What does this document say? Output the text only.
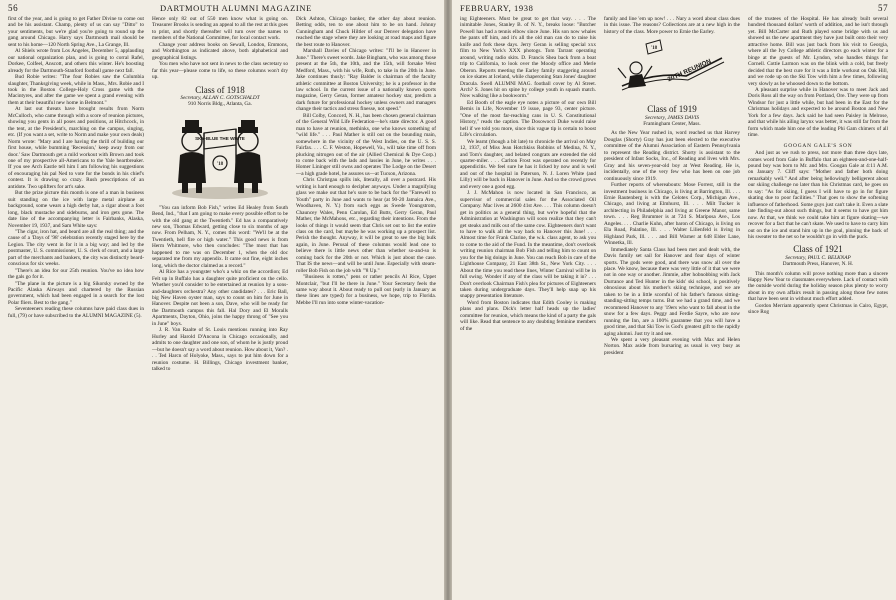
56	DARTMOUTH ALUMNI MAGAZINE

first of the year, and is going to get Father Divine to come out and be his assistant. Champ, plenty of us can say "Ditto" to your sentiments, but we're glad you're going to round up the gang around Chicago. Harry says Dartmouth mail should be sent to his home—120 North Spring Ave., La Grange, Ill.

Al Shiels wrote from Los Angeles, December 5, applauding our national organization plan, and is going to corral Rafel, Dorkee, Colfeel, Anscott, and others this winter. He's boosting already for the Dartmouth-Stanford football game next fall.

Bud Robie writes: "The four Robies saw the Columbia slaughter, Thanksgiving week, while in Mass., Mrs. Robie and I took in the Boston College-Holy Cross game with the Macintyres, and after the game we spent a grand evening with them at their beautiful new home in Belmont."

At last out threats have brought results from Norm McCulloch, who came through with a score of reunion pictures, showing you gents in all poses and positions, at Hitchcock, in the tent, at the President's, marching on the campus, singing, etc. (If you want a set, write to Norm and make your own deals) Norm wrote: "Mary and I are having the thrill of building our first house, while bumming 'Recession,' keep away from our door.' Saw Dartmouth get a mild workout with Brown and took one of my prospective all-Americans to the Yale heartbreaker. If you see Arch Eastle tell him I am following his suggestions of encouraging his pal Ned to vote for the bonds in his chief's contest. It is drawing so crazy. Rush prescriptions of an antidote. Two uplifters for art's sake.

But the prize picture this month is one of a man in business suit standing on the ice with large metal airplane as background, some wears a high derby hat, a cigar about a foot long, black mustache and sideburns, and iron gets gone. The date line of the accompanying letter is Fairbanks, Alaska, November 19, 1937, and Sam White says:

"The cigar, iron hat, and beard are all the real thing; and the cause of a 'Days of '98' celebration recently staged here by the Legion. The city went in for it in a big way; and led by the postmaster, U. S. commissioner, U. S. clerk of court, and a large part of the merchants and bankers, the city was distinctly beard-conscious for six weeks.

"There's an idea for our 25th reunion. You've no idea how the gals go for it.

"The plane in the picture is a big Sikorsky owned by the Pacific Alaska Airways and chartered by the Russian government, which had been engaged in a search for the lost Polar fliers. Best to the gang."

Seventeeners reading these columns have paid class dues in full, (79) or have subscribed to the ALUMNI MAGAZINE (5).

Hence only 82 out of 550 men know what is going on. Treasurer Brooks is sending an appeal to all the rest at this goes to print, and shortly thereafter will turn over the names to members of the National Committee, for local contact work.

Change your address books on Sewall, London, Emmons, and Worthington as indicated above, both alphabetical and geographical listings.

You men who have not sent in news to the class secretary so far this year—please come to life, so these columns won't dry up.

Class of 1918
Secretary, ALLAN C. GOTSCHALDT
910 Norris Bldg., Atlanta, Ga.
SKY-BLUE THE WHITE
'18

"You can inform Bob Fish," writes Ed Healey from South Bend, Ind., "that I am going to make every possible effort to be with the old gang at the Twentieth." Ed has a comparatively new son, Thomas Edward, getting close to six months of age now. From Pelham, N. Y., comes this word: "We'll be at the Twentieth, hell fire or high water." This good news is from Herm Whitmore, who then concludes: "The most that has happened to me was on December 1, when the old doc separated me from my appendix. It came out fine, eight inches long, which the doctor claimed as a record."

Al Rice has a youngster who's a whiz on the accordion; Ed Felt up in Buffalo has a daughter quite proficient on the cello. Whether you'd consider to be entertained at reunion by a sons-and-daughters orchestra? Any other candidates? . . . Eric Ball, big New Haven oyster man, says to count on him for June in Hanover. Despite not been a son, Dave, who will be ready for the Dartmouth campus this fall. Hal Dory and El Moralls Apartments, Dayton, Ohio, joins the happy throng of "See you in June" boys.

J. R. Van Raalte of St. Louis mentions running into Ray Hurley and Harold D'Ancona in Chicago occasionally, and admits to one daughter and one son, of whom he is justly proud—but he doesn't say a word about reunion. How about it, Van? . . . Ted Harcn of Holyoke, Mass., says to put him down for a reunion costume. H. Billings, Chicago investment banker, talked to

Dick Ashton, Chicago banker, the other day about reunion. Betting odds, ten to one about him to be on hand. Johnny Cunningham and Chuck Hiltler of our Denver delegation have reached the stage where they are looking at road maps and figure the best route to Hanover.

Marshall Davies of Chicago writes: "I'll be in Hanover in June." There's sweet words. Jake Bingham, who was among those present at the 5th, the 10th, and the 15th, will forsake West Medford, Mass., with his wife, Ruth, to take in the 20th in June. Jake continues thusly: "Ray Balder is chairman of the faculty athletic committee at Boston University; he is a professor in the law school. In the current issue of a nationally known sports magazine, Gerry Geran, former amateur hockey star, predicts a dark future for professional hockey unless owners and managers change their tactics and stress finesse, not speed."

Bill Colby, Concord, N. H., has been chosen general chairman of the General Wild Life Federation—he's state director. A good man to have at reunion, methinks, one who knows something of "wild life." . . . Paul Mather is still out on the bounding main, somewhere in the vicinity of the West Indies, on the U. S. S. Fairfax. . . . C. F. Weston, Hopewell, Va., will take time off from plucking nitrogen out of the air (Allied Chemical & Dye Corp.) to come back with the lads and lassies in June, he writes . . . Homer Lininger still owns and operates The Lodge on the Desert—a high grade hotel, he assures us—at Tucson, Arizona.

Chris Christgau spills ink, literally, all over a postcard. His writing is hard enough to decipher anyways. Under a magnifying glass we make out that he's sure to be back for the "Farewell to Youth" party in June and wants to hear (at 90-20 Jamaica Ave., Woodhaven, N. Y.) from such eggs as Swede Youngstrom, Chauncey Wales, Penn Carolan, Ed Butts, Gerry Geran, Paul Mather, the McMahons, etc., regarding their intentions. From the looks of things it would seem that Chris set out to list the entire class on the card, but maybe he was working up a prospect list. Perish the thought. Anyway, it will be great to see the big bulk again, in June. Perusal of these columns would lead one to believe there is little news other than whether so-and-so is coming back for the 20th or not. Which is just about the case. That IS the news—and will be until June. Especially with steam-roller Bob Fish on the job with "'8 Up."

"Business is rotten," pens or rather pencils Al Rice, Uppet Montclair, "but I'll be there in June." Your Secretary feels the same way about it. About ready to pull out (early in January as these lines are typed) for a business, we hope, trip to Florida. Mebbe I'll run into some winter-vacation-

FEBRUARY, 1938	57

ing Eighteeners. Must be great to get that way. . . . The inimitable Jones, Stanley B. of N. Y., breaks loose: "Butcher Powell has had a tennis elbow since June. His son now whales the pants off him, and it's all the old man can do to raise his knife and fork these days. Jerry Geran is selling special xxx film to New York's XXX photogs. Tom Tarrant operating around, writing radio skits. D. Francis Shea back from a boat trip to California, to look over the Moody office and Merle Oberon. Reports meeting the Earley family staggering around on ice skates at Iceland, while chaperoning Stan Jones' daughter Dracula. Swell ALUMNI MAG. football cover by Al Street. Arch? S. Jones hit on spine by college youth in squash match. Now walking like a bookworm."

Ed Booth of the eagle eye notes a picture of our own Bill Bemis in Life, November 19 issue, page 93, center picture. "One of the most far-reaching cans in U. S. Constitutional History," reads the caption. The Dosowocci Duke would raise hell if we told you more, since this vague tip is certain to boost Life's circulation.

We learnt (though a bit late) to chronicle the arrival on May 12, 1937, of Miss Jean Hotchkiss Robbins of Medina, N. Y., and Tom's daughter, and belated congrats are extended the old quarter-miler. . . . Carlton Frost was operated on recently for appendicitis. We feel sure he has it licked by now and is well and out of the hospital in Paterson, N. J. Loren White (and Lilly) will be back in Hanover in June. And so the crowd grows and every one a good egg.

J. J. McMahon is now located in San Francisco, as supervisor of commercial sales for the Associated Oil Company. Mac lives at 2600 41st Ave. . . . This column doesn't get in politics as a general thing, but we're hopeful that the Administration at Washington will soon realize that they can't get steaks and milk out of the same cow. Eighteeners don't want to have to walk all the way back to Hanover this June! . . . Almost time for Frank Clarine, the w.k. class agent, to ask you to come to the aid of the Fund. In the meantime, don't overlook writing reunion chairman Bob Fish and telling him to count on you for the big doings in June. You can reach Bob in care of the Lighthouse Company, 21 East 38th St., New York City. . . . About the time you read these lines, Winter Carnival will be in full swing. Wonder if any of the class will be taking it in? . . . Don't overlook Chairman Fish's plea for pictures of Eighteeners taken during undergraduate days. They'll help snap up his snappy presentation literature.

Word from Boston indicates that Edith Cooley is making plans and plans. Dick's letter half heads up the ladies' committee for reunion, which means the kind of a party the gals will like. Read that sentence to any doubting feminine members of the

family and line 'em up now! . . . Nary a word about class dues in this issue. The reasons? Collections are at a new high in the history of the class. More power to Ernie the Earley.

'18
20TH REUNION
Class of 1919
Secretary, JAMES DAVIS
Framingham Center, Mass.

As the New Year rushed in, word reached us that Harvey Douglas (Shorty) Gray has just been elected to the executive committee of the Alumni Association of Eastern Pennsylvania to represent the Reading district. Shorty is assistant to the president of Infant Socks, Inc., of Reading and lives with Mrs. Gray and his seven-year-old boy at West Reading. He is, incidentally, one of the very few who has been on one job continuously since 1919.

Further reports of whereabouts: Mose Forrest, still in the investment business in Chicago, is living at Barrington, Ill. . . . Ernie Rautenberg is with the Celotex Corp., Michigan Ave., Chicago, and living at Elmhurst, Ill. . . . Milt Tucker is architecting in Philadelphia and living at Greene Manor, same town. . . . Reg Brummer is at 724 S. Mariposa Ave., Los Angeles. . . . Charlie Kuhn, after baron of Chicago, is living on Ela Road, Palatine, Ill. . . . Walter Lilienfeld is living in Highland Park, Ill. . . . and Bill Warner at 648 Elder Lane, Winnetka, Ill.

Immediately Santa Claus had been met and dealt with, the Davis family set sail for Hanover and four days of winter sports. The gods were good, and there was snow all over the place. We know, because there was very little of it that we were not in one way or another. Jimmie, after hobnobbing with Jack Durrance and Ted Hunter in the kids' ski school, is positively obnoxious about his mother's skiing technique, and we are taken to be in a little scornful of his father's famous sitting-standing-sitting temps turns. But we had a grand time, and we recommend Hanover to any '19ers who want to fall about in the snow for a few days. Peggy and Ferdie Sayre, who are now running the Inn, are a 100% guarantee that you will have a good time, and that Ski Tow is God's greatest gift to the rapidly aging alumni. Just try it and see.

We spent a very pleasant evening with Max and Helen Norton. Max aside from bursaring as usual is very busy as president

of the trustees of the Hospital. He has already built several hundred thousand dollars' worth of addition, and he isn't through yet. Bill McCarter and Ruth played some bridge with us and showed us the new apartment they have just built onto their very attractive home. Bill was just back from his visit to Georgia, where all the Ivy College athletic directors go each winter for a binge at the guests of Mr. Lyndon, who handles things for Cornell. Cottie Larmon was on the blink with a cold, but freely decided that the best cure for it was a little workout on Oak Hill, and we rode up on the Ski Tow with him a few times, following very slowly as he whoosed down to the bottom.

A pleasant surprise while in Hanover was to meet Jack and Doris Ross all the way on from Portland, Ore. They were up from Windsor for just a little while, but had been in the East for the Christmas holidays and expected to be around Boston and New York for a few days. Jack said he had seen Paisley in Melrose, and that while his ailing larynx was better, it was still far from the form which made him one of the leading Phi Gam chimers of all time.

GOOGAN GALE'S SON

And just as we rush to press, not more than three days late, comes word from Gale in Buffalo that an eighteen-and-one-half-pound boy was born to Mr. and Mrs. Googan Gale at 4:11 A.M. on January 7. Cliff says: "Mother and father both doing remarkably well." And after being hellowingly belligerent about our skiing challenge no later than his Christmas card, he goes on to say: "As for skiing, I guess I will have to go in for figure skating due to poor facilities." That goes to show the softening influence of fatherhood. Some guys just can't take it. Even a slate late finding-out about such things, but it seems to have got him now. At that, we think we could take him at figure skating—we recover for a fact that he can't skate. We used to have to carry him out on the ice and stand him up in the goal, pinning the back of his sweater to the net so he wouldn't go in with the puck.

Class of 1921
Secretary, PAUL C. BELKNAP
Dartmouth Press, Hanover, N. H.

This month's column will prove nothing more than a sincere Happy New Year to classmates everywhere. Lack of contact with the outside world during the holiday season plus plenty to worry about in my own affairs result in passing along those few notes that have been sent in without much effort added.

Gordon Merriam apparently spent Christmas in Cairo, Egypt, since Rog
